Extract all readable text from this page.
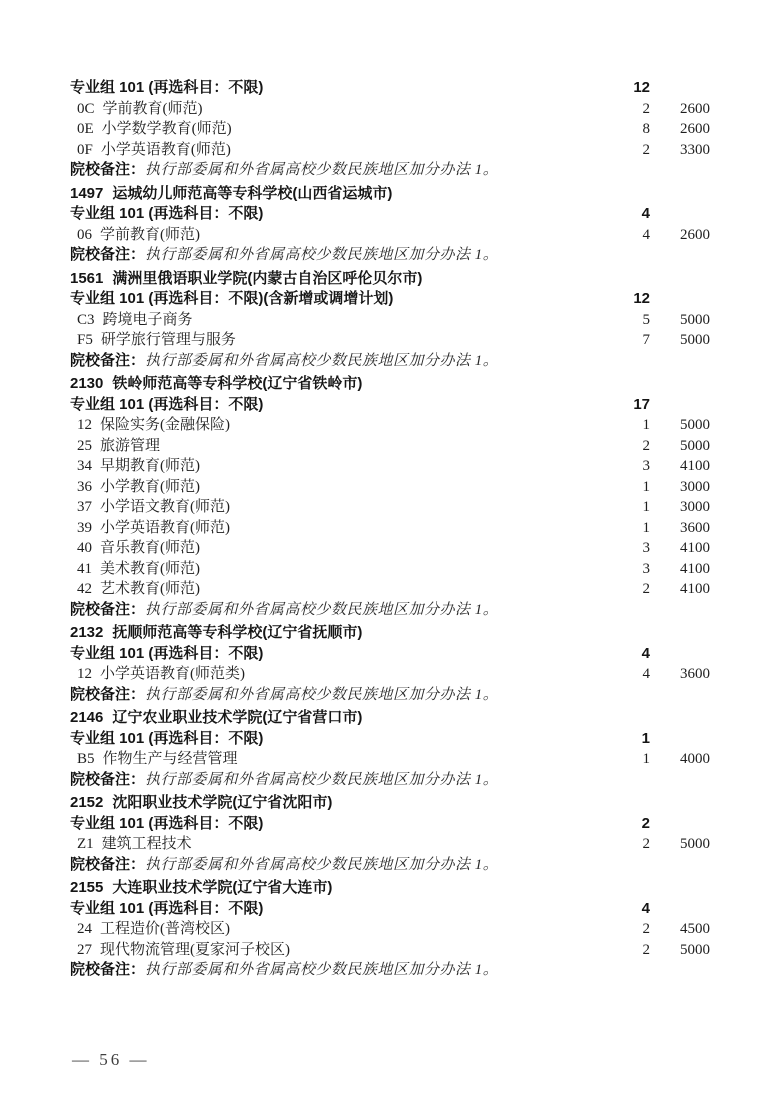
专业组 101 (再选科目：不限)	12
0C 学前教育(师范)	2	2600
0E 小学数学教育(师范)	8	2600
0F 小学英语教育(师范)	2	3300
院校备注： 执行部委属和外省属高校少数民族地区加分办法 1。
1497 运城幼儿师范高等专科学校(山西省运城市)
专业组 101 (再选科目：不限)	4
06 学前教育(师范)	4	2600
院校备注： 执行部委属和外省属高校少数民族地区加分办法 1。
1561 满洲里俄语职业学院(内蒙古自治区呼伦贝尔市)
专业组 101 (再选科目：不限)(含新增或调增计划)	12
C3 跨境电子商务	5	5000
F5 研学旅行管理与服务	7	5000
院校备注： 执行部委属和外省属高校少数民族地区加分办法 1。
2130 铁岭师范高等专科学校(辽宁省铁岭市)
专业组 101 (再选科目：不限)	17
12 保险实务(金融保险)	1	5000
25 旅游管理	2	5000
34 早期教育(师范)	3	4100
36 小学教育(师范)	1	3000
37 小学语文教育(师范)	1	3000
39 小学英语教育(师范)	1	3600
40 音乐教育(师范)	3	4100
41 美术教育(师范)	3	4100
42 艺术教育(师范)	2	4100
院校备注： 执行部委属和外省属高校少数民族地区加分办法 1。
2132 抚顺师范高等专科学校(辽宁省抚顺市)
专业组 101 (再选科目：不限)	4
12 小学英语教育(师范类)	4	3600
院校备注： 执行部委属和外省属高校少数民族地区加分办法 1。
2146 辽宁农业职业技术学院(辽宁省营口市)
专业组 101 (再选科目：不限)	1
B5 作物生产与经营管理	1	4000
院校备注： 执行部委属和外省属高校少数民族地区加分办法 1。
2152 沈阳职业技术学院(辽宁省沈阳市)
专业组 101 (再选科目：不限)	2
Z1 建筑工程技术	2	5000
院校备注： 执行部委属和外省属高校少数民族地区加分办法 1。
2155 大连职业技术学院(辽宁省大连市)
专业组 101 (再选科目：不限)	4
24 工程造价(普湾校区)	2	4500
27 现代物流管理(夏家河子校区)	2	5000
院校备注： 执行部委属和外省属高校少数民族地区加分办法 1。
— 56 —
